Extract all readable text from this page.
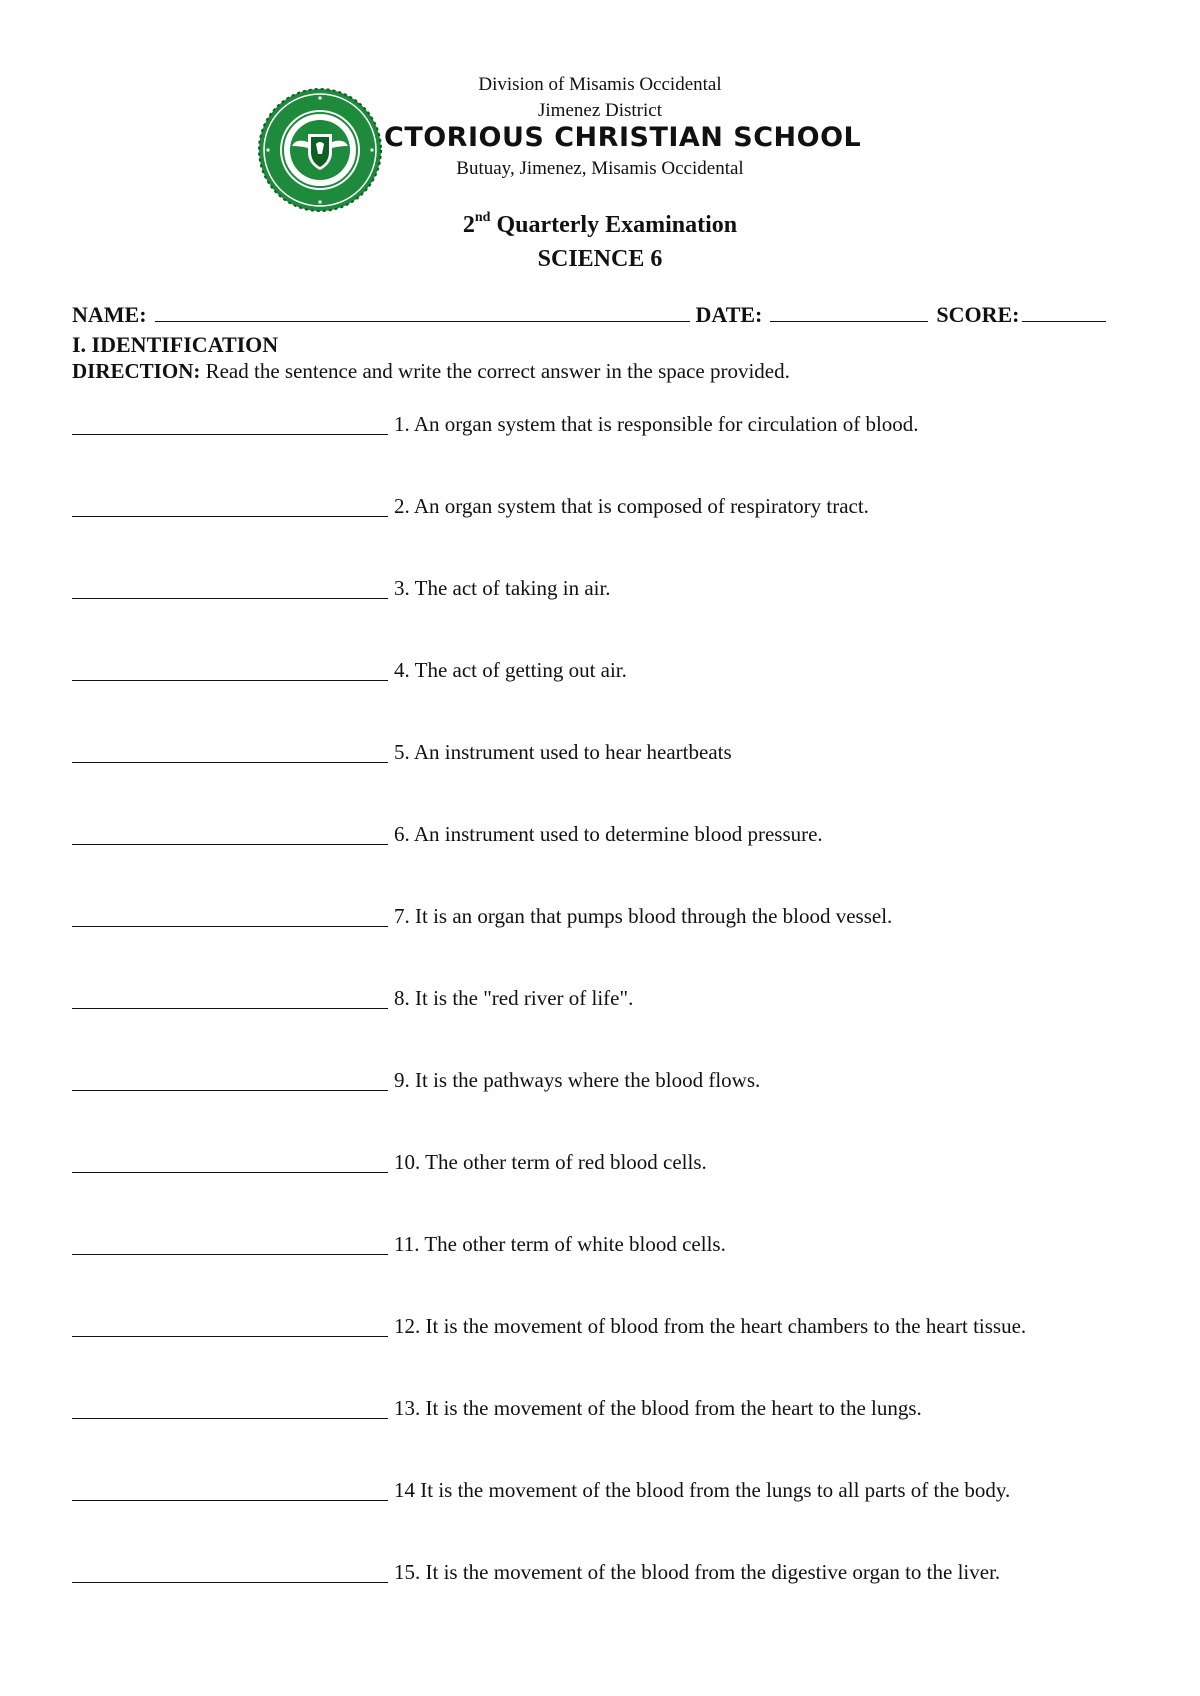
Division of Misamis Occidental
Jimenez District
CTORIOUS CHRISTIAN SCHOOL
Butuay, Jimenez, Misamis Occidental
2nd Quarterly Examination
SCIENCE 6
NAME:	DATE:	SCORE:
I. IDENTIFICATION
DIRECTION: Read the sentence and write the correct answer in the space provided.
1. An organ system that is responsible for circulation of blood.
2. An organ system that is composed of respiratory tract.
3. The act of taking in air.
4. The act of getting out air.
5. An instrument used to hear heartbeats
6. An instrument used to determine blood pressure.
7. It is an organ that pumps blood through the blood vessel.
8. It is the "red river of life".
9. It is the pathways where the blood flows.
10. The other term of red blood cells.
11. The other term of white blood cells.
12. It is the movement of blood from the heart chambers to the heart tissue.
13. It is the movement of the blood from the heart to the lungs.
14 It is the movement of the blood from the lungs to all parts of the body.
15. It is the movement of the blood from the digestive organ to the liver.
